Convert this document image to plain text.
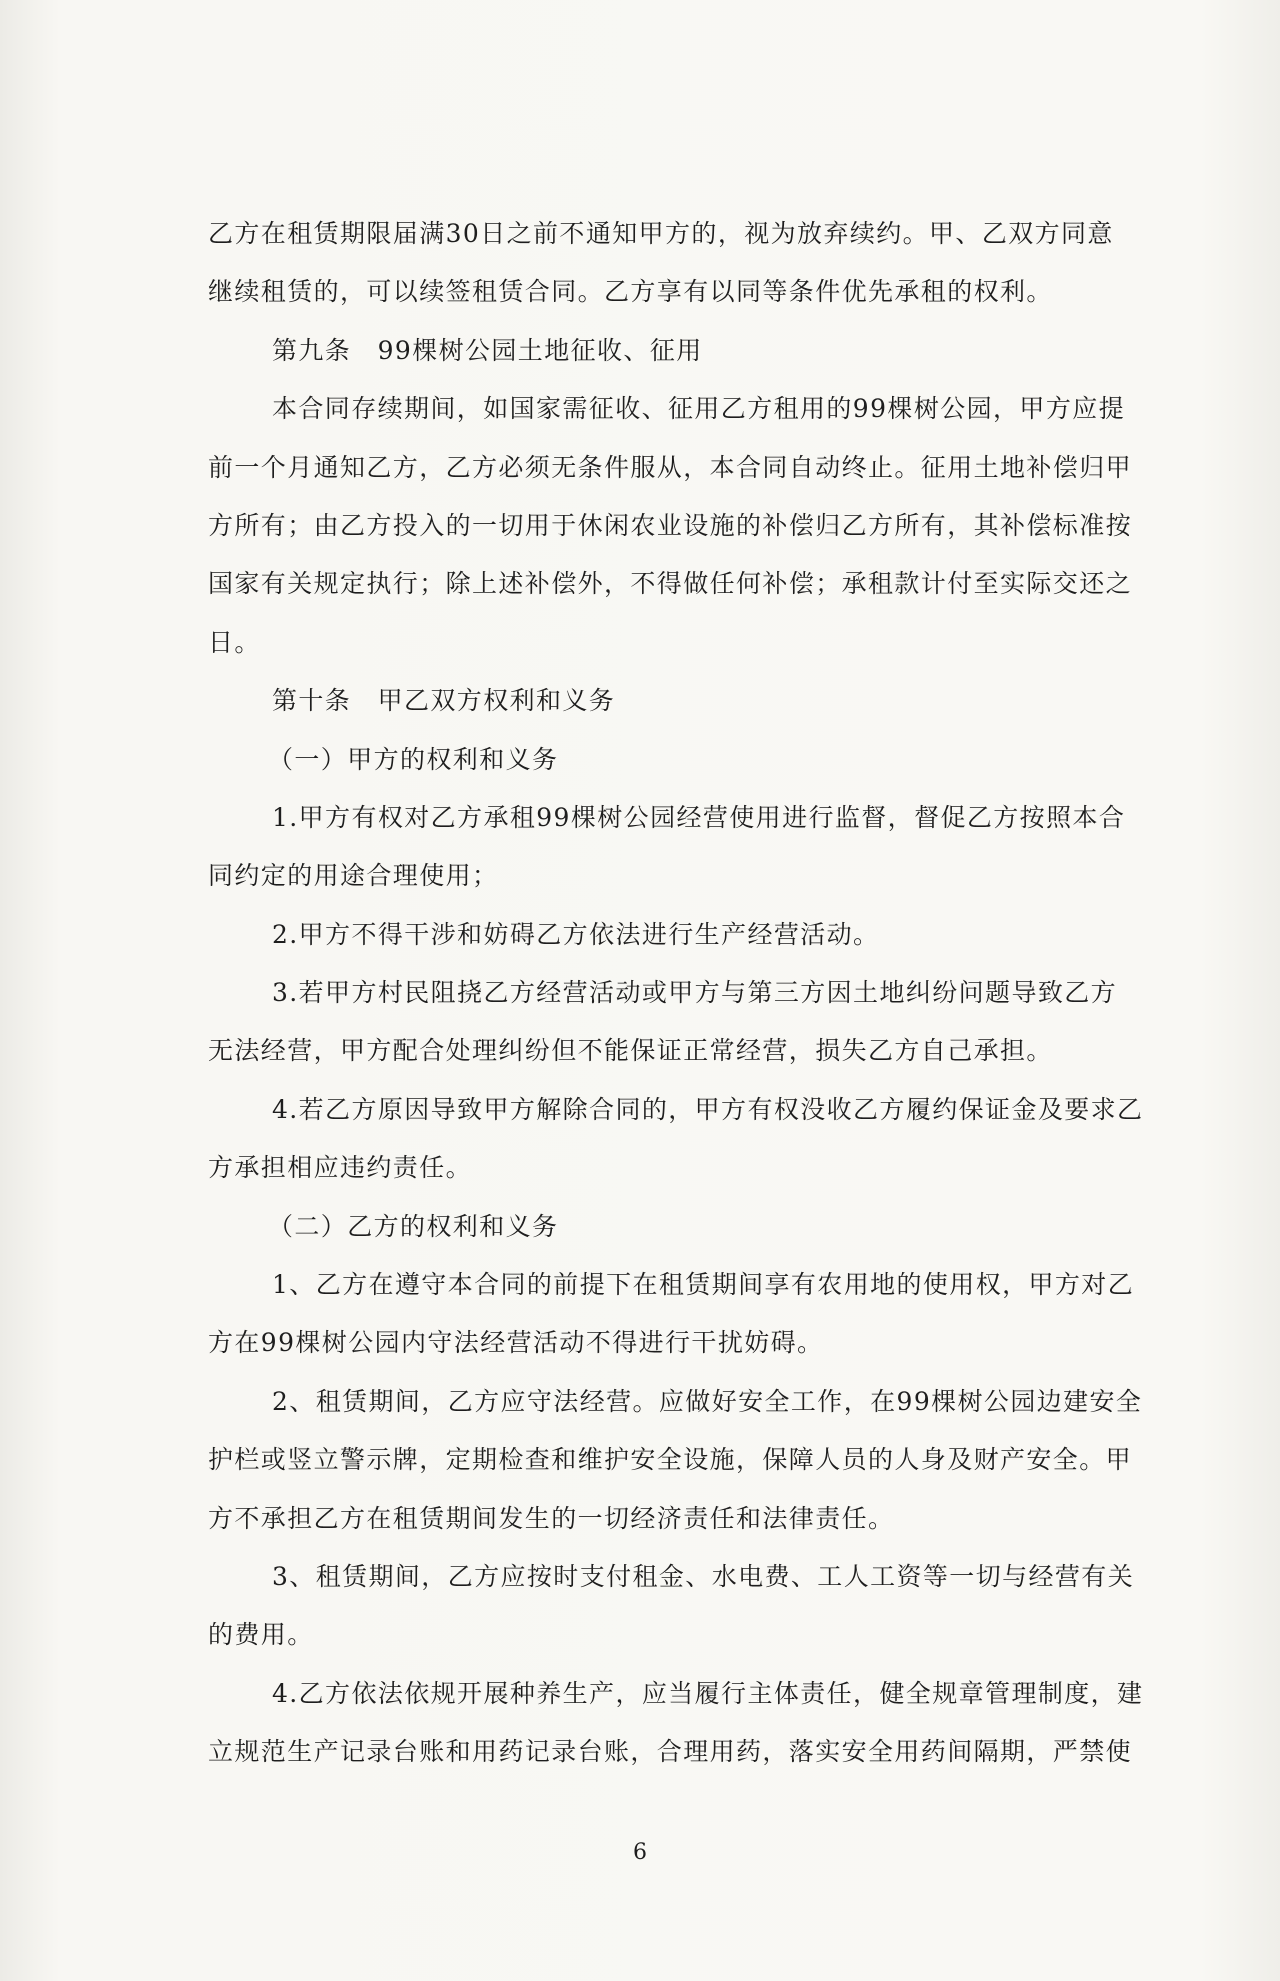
乙方在租赁期限届满30日之前不通知甲方的，视为放弃续约。甲、乙双方同意
继续租赁的，可以续签租赁合同。乙方享有以同等条件优先承租的权利。
第九条　99棵树公园土地征收、征用
本合同存续期间，如国家需征收、征用乙方租用的99棵树公园，甲方应提
前一个月通知乙方，乙方必须无条件服从，本合同自动终止。征用土地补偿归甲
方所有；由乙方投入的一切用于休闲农业设施的补偿归乙方所有，其补偿标准按
国家有关规定执行；除上述补偿外，不得做任何补偿；承租款计付至实际交还之
日。
第十条　甲乙双方权利和义务
（一）甲方的权利和义务
1.甲方有权对乙方承租99棵树公园经营使用进行监督，督促乙方按照本合
同约定的用途合理使用；
2.甲方不得干涉和妨碍乙方依法进行生产经营活动。
3.若甲方村民阻挠乙方经营活动或甲方与第三方因土地纠纷问题导致乙方
无法经营，甲方配合处理纠纷但不能保证正常经营，损失乙方自己承担。
4.若乙方原因导致甲方解除合同的，甲方有权没收乙方履约保证金及要求乙
方承担相应违约责任。
（二）乙方的权利和义务
1、乙方在遵守本合同的前提下在租赁期间享有农用地的使用权，甲方对乙
方在99棵树公园内守法经营活动不得进行干扰妨碍。
2、租赁期间，乙方应守法经营。应做好安全工作，在99棵树公园边建安全
护栏或竖立警示牌，定期检查和维护安全设施，保障人员的人身及财产安全。甲
方不承担乙方在租赁期间发生的一切经济责任和法律责任。
3、租赁期间，乙方应按时支付租金、水电费、工人工资等一切与经营有关
的费用。
4.乙方依法依规开展种养生产，应当履行主体责任，健全规章管理制度，建
立规范生产记录台账和用药记录台账，合理用药，落实安全用药间隔期，严禁使
6
